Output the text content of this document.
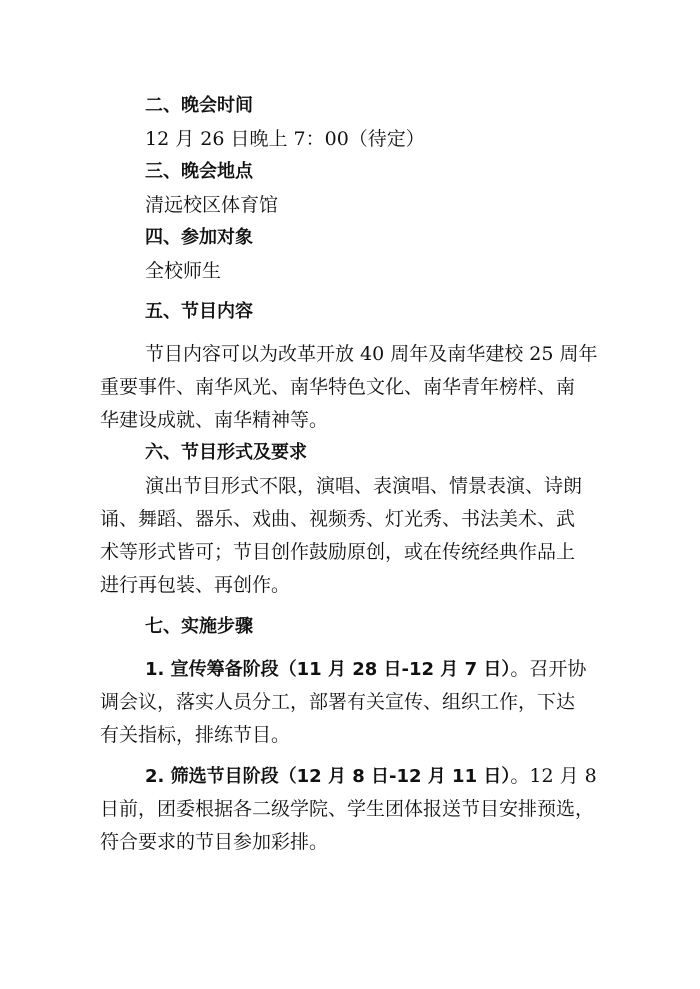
二、晚会时间
12 月 26 日晚上 7：00（待定）
三、晚会地点
清远校区体育馆
四、参加对象
全校师生
五、节目内容
节目内容可以为改革开放 40 周年及南华建校 25 周年
重要事件、南华风光、南华特色文化、南华青年榜样、南
华建设成就、南华精神等。
六、节目形式及要求
演出节目形式不限，演唱、表演唱、情景表演、诗朗
诵、舞蹈、器乐、戏曲、视频秀、灯光秀、书法美术、武
术等形式皆可；节目创作鼓励原创，或在传统经典作品上
进行再包装、再创作。
七、实施步骤
1. 宣传筹备阶段（11 月 28 日-12 月 7 日）。召开协
调会议，落实人员分工，部署有关宣传、组织工作，下达
有关指标，排练节目。
2. 筛选节目阶段（12 月 8 日-12 月 11 日）。12 月 8
日前，团委根据各二级学院、学生团体报送节目安排预选，
符合要求的节目参加彩排。
